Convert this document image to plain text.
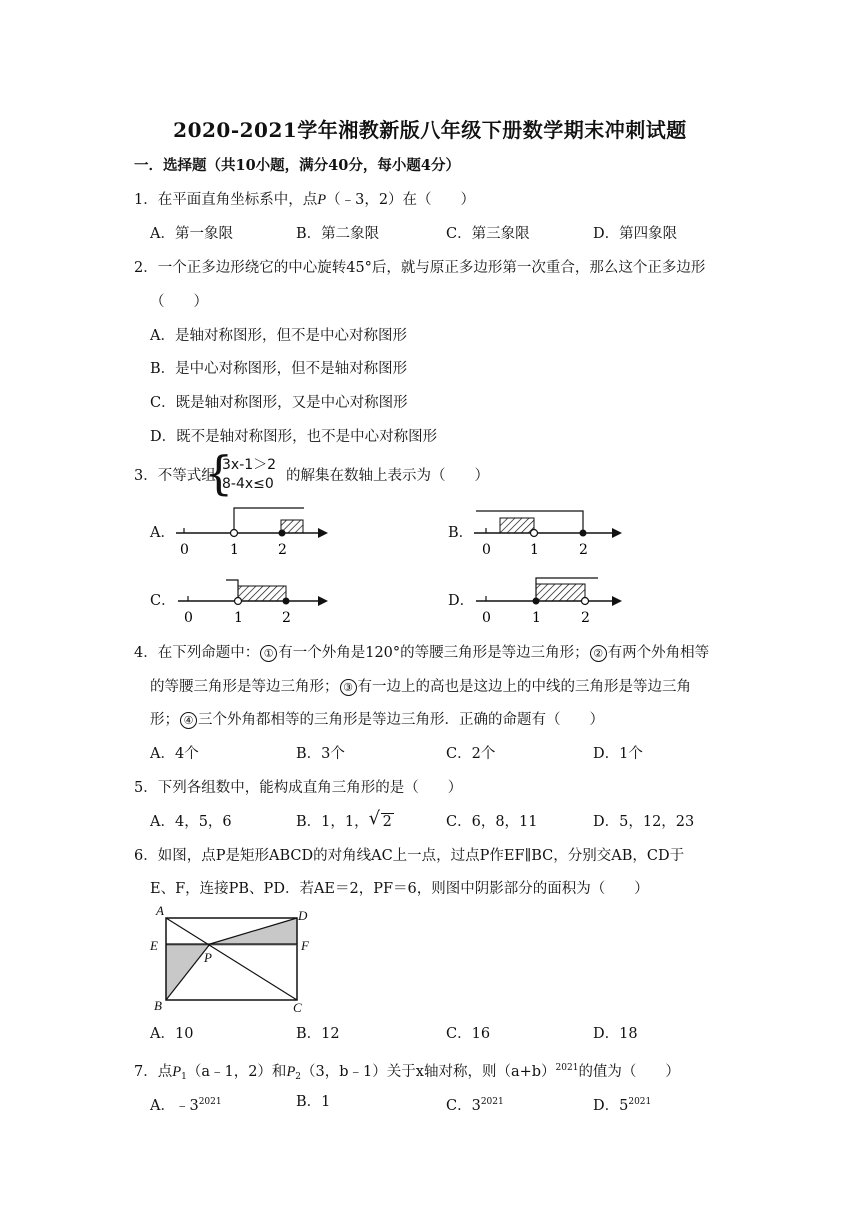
2020-2021学年湘教新版八年级下册数学期末冲刺试题
一．选择题（共10小题，满分40分，每小题4分）
1．在平面直角坐标系中，点P（﹣3，2）在（　　）
A．第一象限	B．第二象限	C．第三象限	D．第四象限
2．一个正多边形绕它的中心旋转45°后，就与原正多边形第一次重合，那么这个正多边形
（　　）
A．是轴对称图形，但不是中心对称图形
B．是中心对称图形，但不是轴对称图形
C．既是轴对称图形，又是中心对称图形
D．既不是轴对称图形，也不是中心对称图形
3．不等式组
{
3x-1＞2
8-4x≤0 的解集在数轴上表示为（　　）
A．	B．
C．	D．
0	1	2	0	1	2
0	1	2	0	1	2
4．在下列命题中： ① 有一个外角是120°的等腰三角形是等边三角形； ② 有两个外角相等
的等腰三角形是等边三角形； ③ 有一边上的高也是这边上的中线的三角形是等边三角
形； ④ 三个外角都相等的三角形是等边三角形．正确的命题有（　　）
A．4个	B．3个	C．2个	D．1个
5．下列各组数中，能构成直角三角形的是（　　）
A．4，5，6	B．1，1， √ 2	C．6，8，11	D．5，12，23
6．如图，点P是矩形ABCD的对角线AC上一点，过点P作EF∥BC，分别交AB，CD于
E、F，连接PB、PD．若AE＝2，PF＝6，则图中阴影部分的面积为（　　）
A	D
E	F
P
B	C
A．10	B．12	C．16	D．18
7．点$P_1(a﹣1$，2）和$P_2(3$，b﹣1）关于x轴对称，则$(a+b)^{2021}$的值为（　　）
A．$﹣3^{2021}$	B．1	C．$3^{2021}$	D．$5^{2021}$
